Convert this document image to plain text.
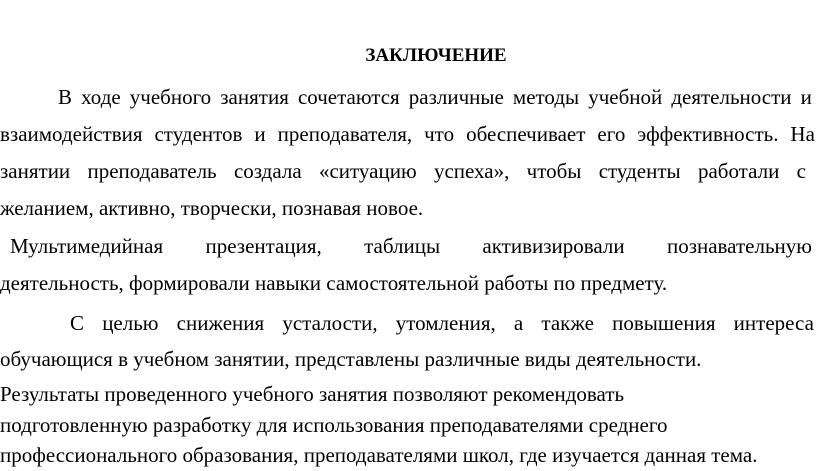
ЗАКЛЮЧЕНИЕ
В ходе учебного занятия сочетаются различные методы учебной деятельности и
взаимодействия студентов и преподавателя, что обеспечивает его эффективность. На
занятии преподаватель создала «ситуацию успеха», чтобы студенты работали с
желанием, активно, творчески, познавая новое.
Мультимедийная презентация, таблицы активизировали познавательную
деятельность, формировали навыки самостоятельной работы по предмету.
С целью снижения усталости, утомления, а также повышения интереса
обучающися в учебном занятии, представлены различные виды деятельности.
Результаты проведенного учебного занятия позволяют рекомендовать
подготовленную разработку для использования преподавателями среднего
профессионального образования, преподавателями школ, где изучается данная тема.
